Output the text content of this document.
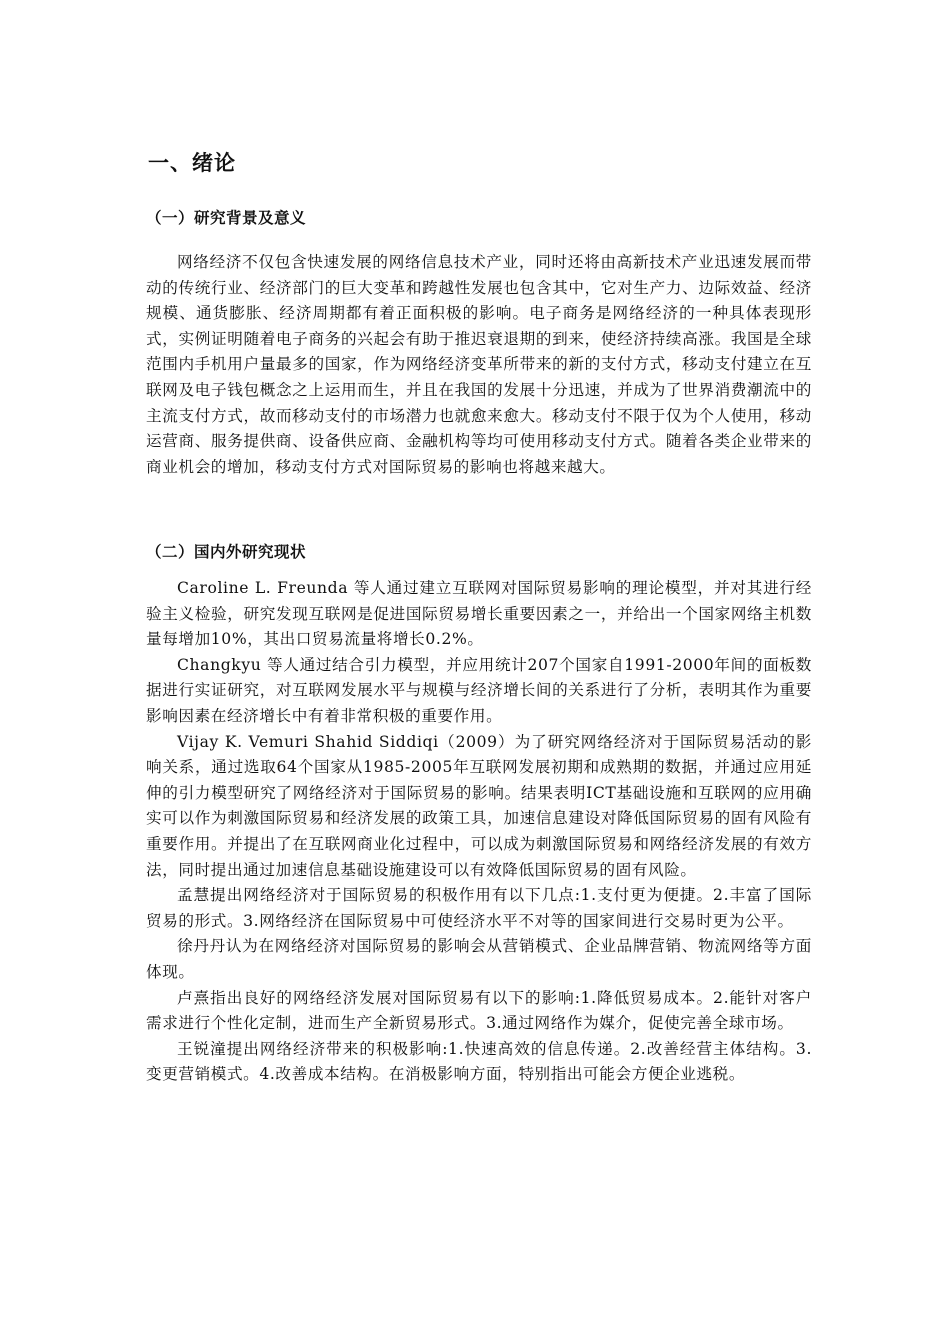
一、绪论
（一）研究背景及意义

网络经济不仅包含快速发展的网络信息技术产业，同时还将由高新技术产业迅速发展而带动的传统行业、经济部门的巨大变革和跨越性发展也包含其中，它对生产力、边际效益、经济规模、通货膨胀、经济周期都有着正面积极的影响。电子商务是网络经济的一种具体表现形式，实例证明随着电子商务的兴起会有助于推迟衰退期的到来，使经济持续高涨。我国是全球范围内手机用户量最多的国家，作为网络经济变革所带来的新的支付方式，移动支付建立在互联网及电子钱包概念之上运用而生，并且在我国的发展十分迅速，并成为了世界消费潮流中的主流支付方式，故而移动支付的市场潜力也就愈来愈大。移动支付不限于仅为个人使用，移动运营商、服务提供商、设备供应商、金融机构等均可使用移动支付方式。随着各类企业带来的商业机会的增加，移动支付方式对国际贸易的影响也将越来越大。

（二）国内外研究现状

Caroline L. Freunda 等人通过建立互联网对国际贸易影响的理论模型，并对其进行经验主义检验，研究发现互联网是促进国际贸易增长重要因素之一，并给出一个国家网络主机数量每增加10%，其出口贸易流量将增长0.2%。

Changkyu 等人通过结合引力模型，并应用统计207个国家自1991-2000年间的面板数据进行实证研究，对互联网发展水平与规模与经济增长间的关系进行了分析，表明其作为重要影响因素在经济增长中有着非常积极的重要作用。

Vijay K. Vemuri Shahid Siddiqi（2009）为了研究网络经济对于国际贸易活动的影响关系，通过选取64个国家从1985-2005年互联网发展初期和成熟期的数据，并通过应用延伸的引力模型研究了网络经济对于国际贸易的影响。结果表明ICT基础设施和互联网的应用确实可以作为刺激国际贸易和经济发展的政策工具，加速信息建设对降低国际贸易的固有风险有重要作用。并提出了在互联网商业化过程中，可以成为刺激国际贸易和网络经济发展的有效方法，同时提出通过加速信息基础设施建设可以有效降低国际贸易的固有风险。

孟慧提出网络经济对于国际贸易的积极作用有以下几点:1.支付更为便捷。2.丰富了国际贸易的形式。3.网络经济在国际贸易中可使经济水平不对等的国家间进行交易时更为公平。

徐丹丹认为在网络经济对国际贸易的影响会从营销模式、企业品牌营销、物流网络等方面体现。

卢熹指出良好的网络经济发展对国际贸易有以下的影响:1.降低贸易成本。2.能针对客户需求进行个性化定制，进而生产全新贸易形式。3.通过网络作为媒介，促使完善全球市场。

王锐潼提出网络经济带来的积极影响:1.快速高效的信息传递。2.改善经营主体结构。3.变更营销模式。4.改善成本结构。在消极影响方面，特别指出可能会方便企业逃税。
